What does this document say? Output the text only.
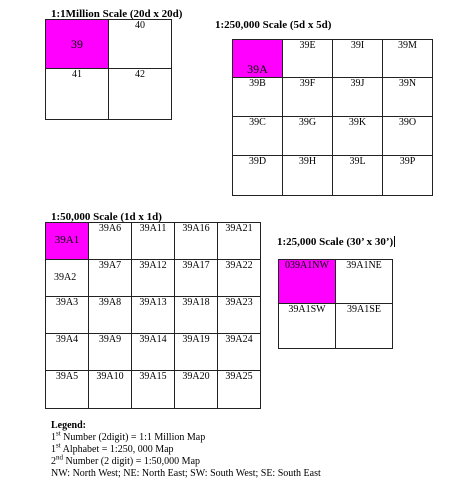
1:1Million Scale (20d x 20d)
39	40
41	42
1:250,000 Scale (5d x 5d)
39A	39E	39I	39M
39B	39F	39J	39N
39C	39G	39K	39O
39D	39H	39L	39P
1:50,000 Scale (1d x 1d)
39A1	39A6	39A11	39A16	39A21
39A2	39A7	39A12	39A17	39A22
39A3	39A8	39A13	39A18	39A23
39A4	39A9	39A14	39A19	39A24
39A5	39A10	39A15	39A20	39A25
1:25,000 Scale (30’ x 30’)
039A1NW	39A1NE
39A1SW	39A1SE
Legend:
1st Number (2digit) = 1:1 Million Map
1st Alphabet = 1:250, 000 Map
2nd Number (2 digit) = 1:50,000 Map
NW: North West; NE: North East; SW: South West; SE: South East
